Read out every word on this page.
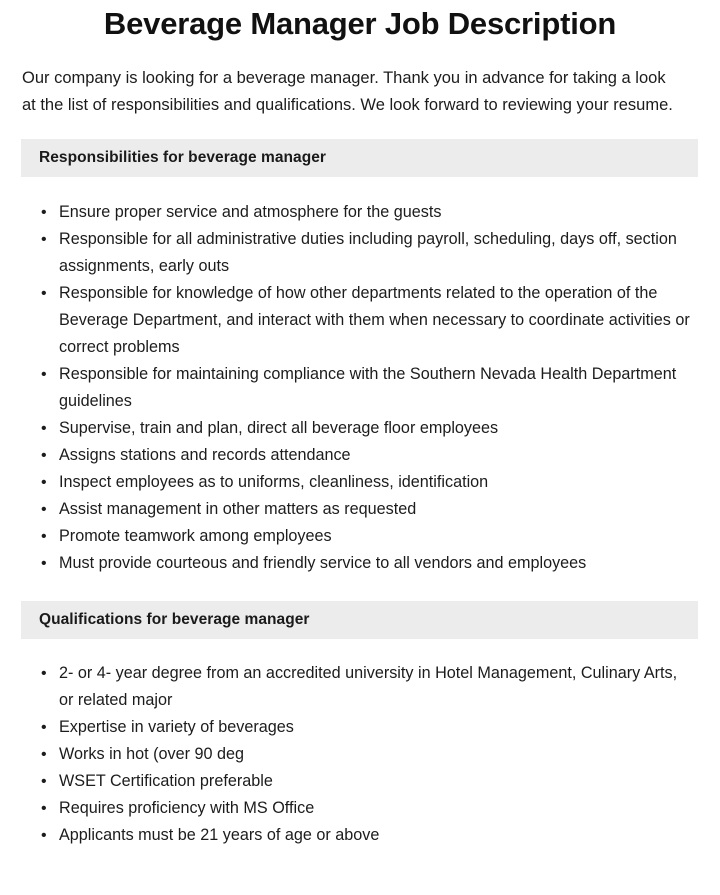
Beverage Manager Job Description

Our company is looking for a beverage manager. Thank you in advance for taking a look at the list of responsibilities and qualifications. We look forward to reviewing your resume.

Responsibilities for beverage manager
• Ensure proper service and atmosphere for the guests
• Responsible for all administrative duties including payroll, scheduling, days off, section assignments, early outs
• Responsible for knowledge of how other departments related to the operation of the Beverage Department, and interact with them when necessary to coordinate activities or correct problems
• Responsible for maintaining compliance with the Southern Nevada Health Department guidelines
• Supervise, train and plan, direct all beverage floor employees
• Assigns stations and records attendance
• Inspect employees as to uniforms, cleanliness, identification
• Assist management in other matters as requested
• Promote teamwork among employees
• Must provide courteous and friendly service to all vendors and employees
Qualifications for beverage manager
• 2- or 4- year degree from an accredited university in Hotel Management, Culinary Arts, or related major
• Expertise in variety of beverages
• Works in hot (over 90 deg
• WSET Certification preferable
• Requires proficiency with MS Office
• Applicants must be 21 years of age or above
